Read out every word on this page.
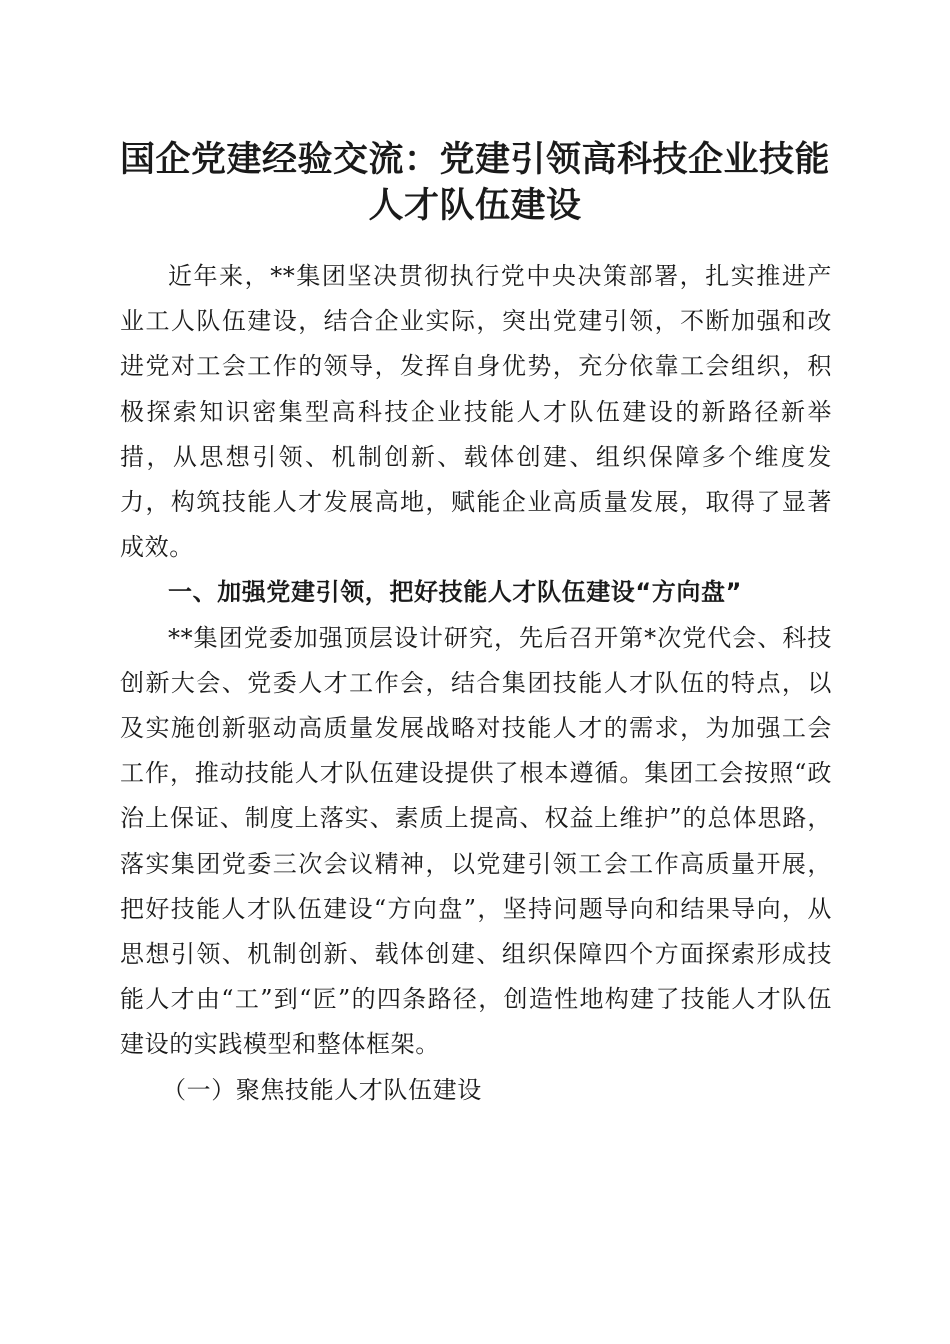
国企党建经验交流：党建引领高科技企业技能
人才队伍建设

近年来，**集团坚决贯彻执行党中央决策部署，扎实推进产业工人队伍建设，结合企业实际，突出党建引领，不断加强和改进党对工会工作的领导，发挥自身优势，充分依靠工会组织，积极探索知识密集型高科技企业技能人才队伍建设的新路径新举措，从思想引领、机制创新、载体创建、组织保障多个维度发力，构筑技能人才发展高地，赋能企业高质量发展，取得了显著成效。

一、加强党建引领，把好技能人才队伍建设“方向盘”

**集团党委加强顶层设计研究，先后召开第*次党代会、科技创新大会、党委人才工作会，结合集团技能人才队伍的特点，以及实施创新驱动高质量发展战略对技能人才的需求，为加强工会工作，推动技能人才队伍建设提供了根本遵循。集团工会按照“政治上保证、制度上落实、素质上提高、权益上维护”的总体思路，落实集团党委三次会议精神，以党建引领工会工作高质量开展，把好技能人才队伍建设“方向盘”，坚持问题导向和结果导向，从思想引领、机制创新、载体创建、组织保障四个方面探索形成技能人才由“工”到“匠”的四条路径，创造性地构建了技能人才队伍建设的实践模型和整体框架。

（一）聚焦技能人才队伍建设
